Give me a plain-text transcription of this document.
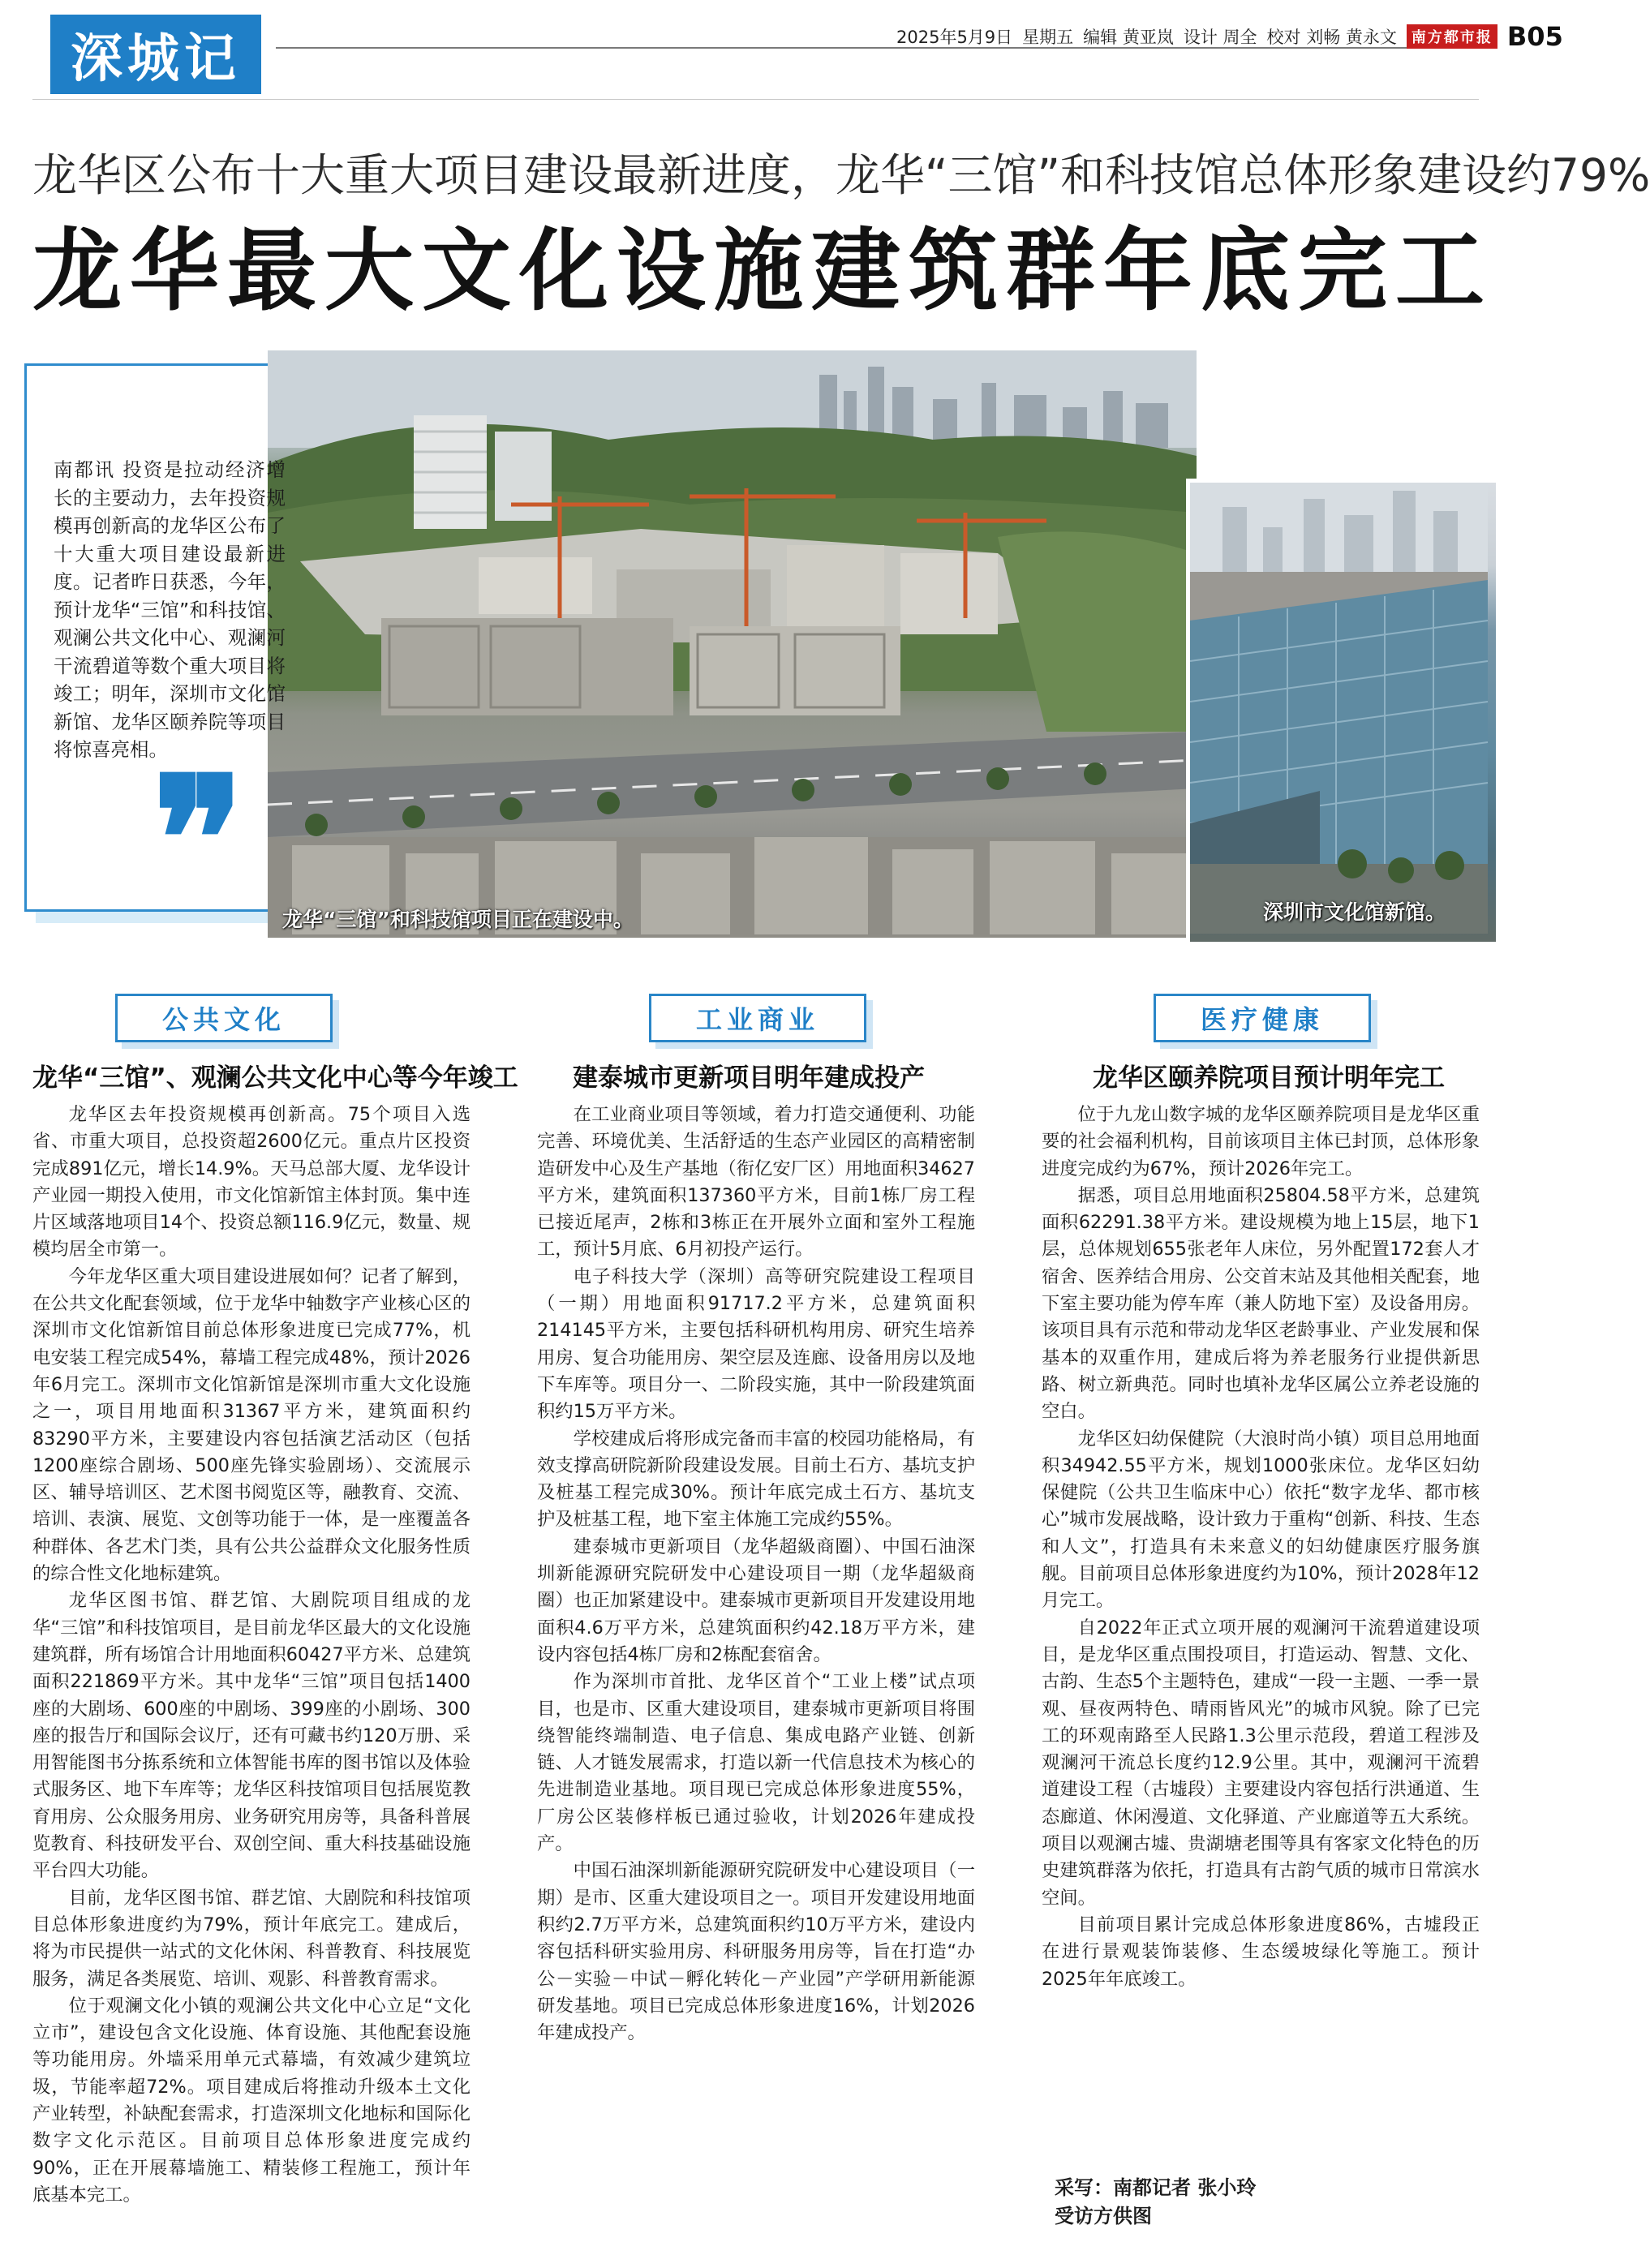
深城记	2025年5月9日 星期五 编辑 黄亚岚 设计 周全 校对 刘畅 黄永文	南方都市报 B05
龙华区公布十大重大项目建设最新进度，龙华“三馆”和科技馆总体形象建设约79%
龙华最大文化设施建筑群年底完工
龙华“三馆”和科技馆项目正在建设中。	深圳市文化馆新馆。
南都讯 投资是拉动经济增长的主要动力，去年投资规模再创新高的龙华区公布了十大重大项目建设最新进度。记者昨日获悉，今年，预计龙华“三馆”和科技馆、观澜公共文化中心、观澜河干流碧道等数个重大项目将竣工；明年，深圳市文化馆新馆、龙华区颐养院等项目将惊喜亮相。
❞
公共文化
龙华“三馆”、观澜公共文化中心等今年竣工

龙华区去年投资规模再创新高。75个项目入选省、市重大项目，总投资超2600亿元。重点片区投资完成891亿元，增长14.9%。天马总部大厦、龙华设计产业园一期投入使用，市文化馆新馆主体封顶。集中连片区域落地项目14个、投资总额116.9亿元，数量、规模均居全市第一。

今年龙华区重大项目建设进展如何？记者了解到，在公共文化配套领域，位于龙华中轴数字产业核心区的深圳市文化馆新馆目前总体形象进度已完成77%，机电安装工程完成54%，幕墙工程完成48%，预计2026年6月完工。深圳市文化馆新馆是深圳市重大文化设施之一，项目用地面积31367平方米，建筑面积约83290平方米，主要建设内容包括演艺活动区（包括1200座综合剧场、500座先锋实验剧场）、交流展示区、辅导培训区、艺术图书阅览区等，融教育、交流、培训、表演、展览、文创等功能于一体，是一座覆盖各种群体、各艺术门类，具有公共公益群众文化服务性质的综合性文化地标建筑。

龙华区图书馆、群艺馆、大剧院项目组成的龙华“三馆”和科技馆项目，是目前龙华区最大的文化设施建筑群，所有场馆合计用地面积60427平方米、总建筑面积221869平方米。其中龙华“三馆”项目包括1400座的大剧场、600座的中剧场、399座的小剧场、300座的报告厅和国际会议厅，还有可藏书约120万册、采用智能图书分拣系统和立体智能书库的图书馆以及体验式服务区、地下车库等；龙华区科技馆项目包括展览教育用房、公众服务用房、业务研究用房等，具备科普展览教育、科技研发平台、双创空间、重大科技基础设施平台四大功能。

目前，龙华区图书馆、群艺馆、大剧院和科技馆项目总体形象进度约为79%，预计年底完工。建成后，将为市民提供一站式的文化休闲、科普教育、科技展览服务，满足各类展览、培训、观影、科普教育需求。

位于观澜文化小镇的观澜公共文化中心立足“文化立市”，建设包含文化设施、体育设施、其他配套设施等功能用房。外墙采用单元式幕墙，有效减少建筑垃圾，节能率超72%。项目建成后将推动升级本土文化产业转型，补缺配套需求，打造深圳文化地标和国际化数字文化示范区。目前项目总体形象进度完成约90%，正在开展幕墙施工、精装修工程施工，预计年底基本完工。

工业商业
建泰城市更新项目明年建成投产

在工业商业项目等领域，着力打造交通便利、功能完善、环境优美、生活舒适的生态产业园区的高精密制造研发中心及生产基地（衔亿安厂区）用地面积34627平方米，建筑面积137360平方米，目前1栋厂房工程已接近尾声，2栋和3栋正在开展外立面和室外工程施工，预计5月底、6月初投产运行。

电子科技大学（深圳）高等研究院建设工程项目（一期）用地面积91717.2平方米，总建筑面积214145平方米，主要包括科研机构用房、研究生培养用房、复合功能用房、架空层及连廊、设备用房以及地下车库等。项目分一、二阶段实施，其中一阶段建筑面积约15万平方米。

学校建成后将形成完备而丰富的校园功能格局，有效支撑高研院新阶段建设发展。目前土石方、基坑支护及桩基工程完成30%。预计年底完成土石方、基坑支护及桩基工程，地下室主体施工完成约55%。

建泰城市更新项目（龙华超級商圈）、中国石油深圳新能源研究院研发中心建设项目一期（龙华超級商圈）也正加紧建设中。建泰城市更新项目开发建设用地面积4.6万平方米，总建筑面积约42.18万平方米，建设内容包括4栋厂房和2栋配套宿舍。

作为深圳市首批、龙华区首个“工业上楼”试点项目，也是市、区重大建设项目，建泰城市更新项目将围绕智能终端制造、电子信息、集成电路产业链、创新链、人才链发展需求，打造以新一代信息技术为核心的先进制造业基地。项目现已完成总体形象进度55%，厂房公区装修样板已通过验收，计划2026年建成投产。

中国石油深圳新能源研究院研发中心建设项目（一期）是市、区重大建设项目之一。项目开发建设用地面积约2.7万平方米，总建筑面积约10万平方米，建设内容包括科研实验用房、科研服务用房等，旨在打造“办公－实验－中试－孵化转化－产业园”产学研用新能源研发基地。项目已完成总体形象进度16%，计划2026年建成投产。

医疗健康
龙华区颐养院项目预计明年完工

位于九龙山数字城的龙华区颐养院项目是龙华区重要的社会福利机构，目前该项目主体已封顶，总体形象进度完成约为67%，预计2026年完工。

据悉，项目总用地面积25804.58平方米，总建筑面积62291.38平方米。建设规模为地上15层，地下1层，总体规划655张老年人床位，另外配置172套人才宿舍、医养结合用房、公交首末站及其他相关配套，地下室主要功能为停车库（兼人防地下室）及设备用房。该项目具有示范和带动龙华区老龄事业、产业发展和保基本的双重作用，建成后将为养老服务行业提供新思路、树立新典范。同时也填补龙华区属公立养老设施的空白。

龙华区妇幼保健院（大浪时尚小镇）项目总用地面积34942.55平方米，规划1000张床位。龙华区妇幼保健院（公共卫生临床中心）依托“数字龙华、都市核心”城市发展战略，设计致力于重构“创新、科技、生态和人文”，打造具有未来意义的妇幼健康医疗服务旗舰。目前项目总体形象进度约为10%，预计2028年12月完工。

自2022年正式立项开展的观澜河干流碧道建设项目，是龙华区重点围投项目，打造运动、智慧、文化、古韵、生态5个主题特色，建成“一段一主题、一季一景观、昼夜两特色、晴雨皆风光”的城市风貌。除了已完工的环观南路至人民路1.3公里示范段，碧道工程涉及观澜河干流总长度约12.9公里。其中，观澜河干流碧道建设工程（古墟段）主要建设内容包括行洪通道、生态廊道、休闲漫道、文化驿道、产业廊道等五大系统。项目以观澜古墟、贵湖塘老围等具有客家文化特色的历史建筑群落为依托，打造具有古韵气质的城市日常滨水空间。

目前项目累计完成总体形象进度86%，古墟段正在进行景观装饰装修、生态缓坡绿化等施工。预计2025年年底竣工。

采写：南都记者 张小玲
受访方供图
